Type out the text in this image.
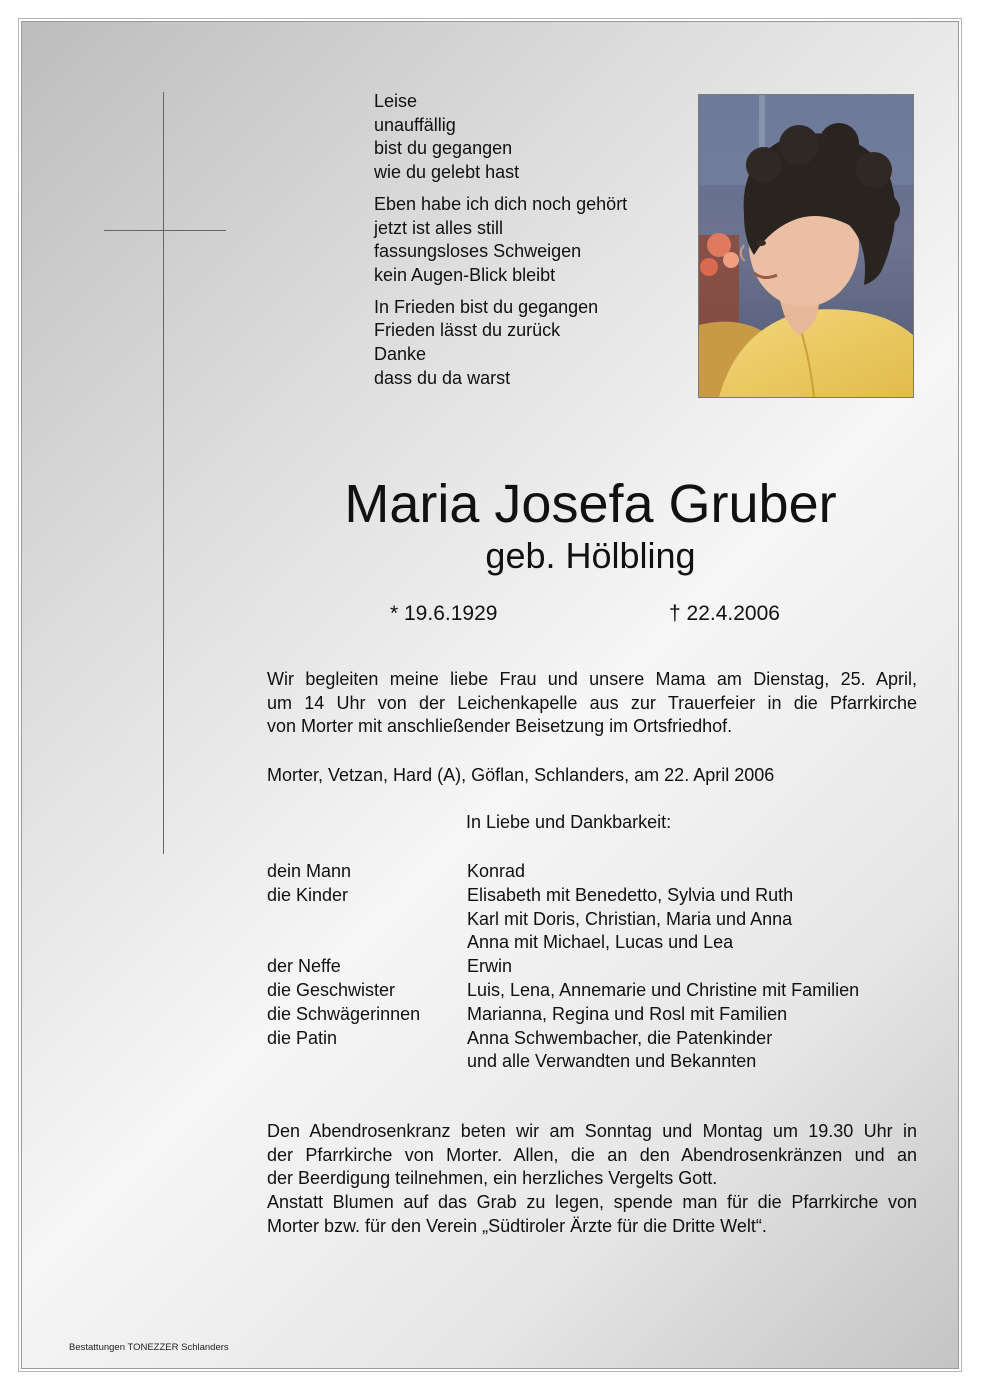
Leise
unauffällig
bist du gegangen
wie du gelebt hast
Eben habe ich dich noch gehört
jetzt ist alles still
fassungsloses Schweigen
kein Augen-Blick bleibt
In Frieden bist du gegangen
Frieden lässt du zurück
Danke
dass du da warst
Maria Josefa Gruber
geb. Hölbling
* 19.6.1929	† 22.4.2006
Wir begleiten meine liebe Frau und unsere Mama am Dienstag, 25. April,
um 14 Uhr von der Leichenkapelle aus zur Trauerfeier in die Pfarrkirche
von Morter mit anschließender Beisetzung im Ortsfriedhof.
Morter, Vetzan, Hard (A), Göflan, Schlanders, am 22. April 2006
In Liebe und Dankbarkeit:
dein Mann	Konrad
die Kinder	Elisabeth mit Benedetto, Sylvia und Ruth
Karl mit Doris, Christian, Maria und Anna
Anna mit Michael, Lucas und Lea
der Neffe	Erwin
die Geschwister	Luis, Lena, Annemarie und Christine mit Familien
die Schwägerinnen	Marianna, Regina und Rosl mit Familien
die Patin	Anna Schwembacher, die Patenkinder
und alle Verwandten und Bekannten
Den Abendrosenkranz beten wir am Sonntag und Montag um 19.30 Uhr in
der Pfarrkirche von Morter. Allen, die an den Abendrosenkränzen und an
der Beerdigung teilnehmen, ein herzliches Vergelts Gott.
Anstatt Blumen auf das Grab zu legen, spende man für die Pfarrkirche von
Morter bzw. für den Verein „Südtiroler Ärzte für die Dritte Welt“.
Bestattungen TONEZZER Schlanders
